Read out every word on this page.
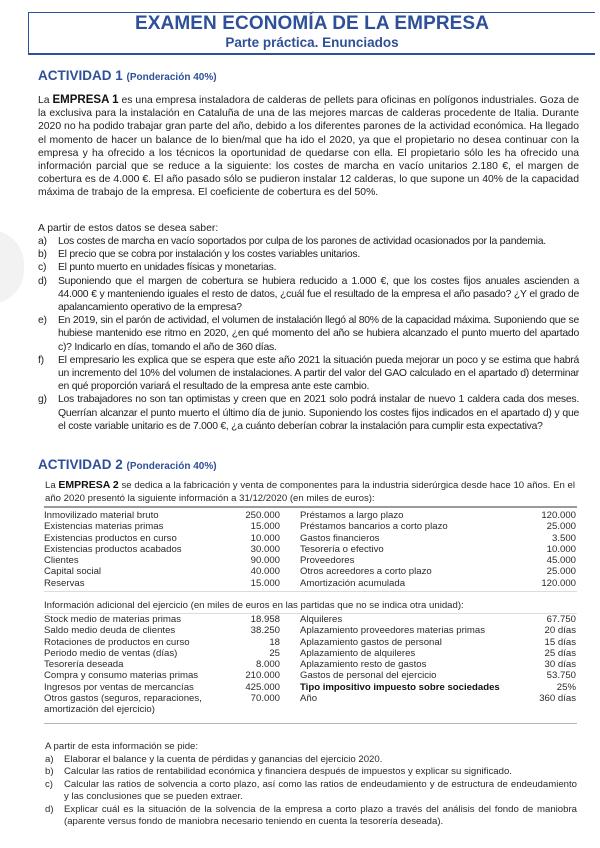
EXAMEN ECONOMÍA DE LA EMPRESA
Parte práctica. Enunciados
ACTIVIDAD 1 (Ponderación 40%)
La EMPRESA 1 es una empresa instaladora de calderas de pellets para oficinas en polígonos industriales. Goza de la exclusiva para la instalación en Cataluña de una de las mejores marcas de calderas procedente de Italia. Durante 2020 no ha podido trabajar gran parte del año, debido a los diferentes parones de la actividad económica. Ha llegado el momento de hacer un balance de lo bien/mal que ha ido el 2020, ya que el propietario no desea continuar con la empresa y ha ofrecido a los técnicos la oportunidad de quedarse con ella. El propietario sólo les ha ofrecido una información parcial que se reduce a la siguiente: los costes de marcha en vacío unitarios 2.180 €, el margen de cobertura es de 4.000 €. El año pasado sólo se pudieron instalar 12 calderas, lo que supone un 40% de la capacidad máxima de trabajo de la empresa. El coeficiente de cobertura es del 50%.
A partir de estos datos se desea saber:
a) Los costes de marcha en vacío soportados por culpa de los parones de actividad ocasionados por la pandemia.
b) El precio que se cobra por instalación y los costes variables unitarios.
c) El punto muerto en unidades físicas y monetarias.
d) Suponiendo que el margen de cobertura se hubiera reducido a 1.000 €, que los costes fijos anuales ascienden a 44.000 € y manteniendo iguales el resto de datos, ¿cuál fue el resultado de la empresa el año pasado? ¿Y el grado de apalancamiento operativo de la empresa?
e) En 2019, sin el parón de actividad, el volumen de instalación llegó al 80% de la capacidad máxima. Suponiendo que se hubiese mantenido ese ritmo en 2020, ¿en qué momento del año se hubiera alcanzado el punto muerto del apartado c)? Indicarlo en días, tomando el año de 360 días.
f) El empresario les explica que se espera que este año 2021 la situación pueda mejorar un poco y se estima que habrá un incremento del 10% del volumen de instalaciones. A partir del valor del GAO calculado en el apartado d) determinar en qué proporción variará el resultado de la empresa ante este cambio.
g) Los trabajadores no son tan optimistas y creen que en 2021 solo podrá instalar de nuevo 1 caldera cada dos meses. Querrían alcanzar el punto muerto el último día de junio. Suponiendo los costes fijos indicados en el apartado d) y que el coste variable unitario es de 7.000 €, ¿a cuánto deberían cobrar la instalación para cumplir esta expectativa?
ACTIVIDAD 2 (Ponderación 40%)
La EMPRESA 2 se dedica a la fabricación y venta de componentes para la industria siderúrgica desde hace 10 años. En el año 2020 presentó la siguiente información a 31/12/2020 (en miles de euros):
Inmovilizado material bruto	250.000		Préstamos a largo plazo	120.000
Existencias materias primas	15.000		Préstamos bancarios a corto plazo	25.000
Existencias productos en curso	10.000		Gastos financieros	3.500
Existencias productos acabados	30.000		Tesorería o efectivo	10.000
Clientes	90.000		Proveedores	45.000
Capital social	40.000		Otros acreedores a corto plazo	25.000
Reservas	15.000		Amortización acumulada	120.000
Información adicional del ejercicio (en miles de euros en las partidas que no se indica otra unidad):
Stock medio de materias primas	18.958		Alquileres	67.750
Saldo medio deuda de clientes	38.250		Aplazamiento proveedores materias primas	20 días
Rotaciones de productos en curso	18		Aplazamiento gastos de personal	15 días
Periodo medio de ventas (días)	25		Aplazamiento de alquileres	25 días
Tesorería deseada	8.000		Aplazamiento resto de gastos	30 días
Compra y consumo materias primas	210.000		Gastos de personal del ejercicio	53.750
Ingresos por ventas de mercancías	425.000		Tipo impositivo impuesto sobre sociedades	25%
Otros gastos (seguros, reparaciones,
amortización del ejercicio)	70.000		Año	360 días
A partir de esta información se pide:
a) Elaborar el balance y la cuenta de pérdidas y ganancias del ejercicio 2020.
b) Calcular las ratios de rentabilidad económica y financiera después de impuestos y explicar su significado.
c) Calcular las ratios de solvencia a corto plazo, así como las ratios de endeudamiento y de estructura de endeudamiento y las conclusiones que se pueden extraer.
d) Explicar cuál es la situación de la solvencia de la empresa a corto plazo a través del análisis del fondo de maniobra (aparente versus fondo de maniobra necesario teniendo en cuenta la tesorería deseada).
